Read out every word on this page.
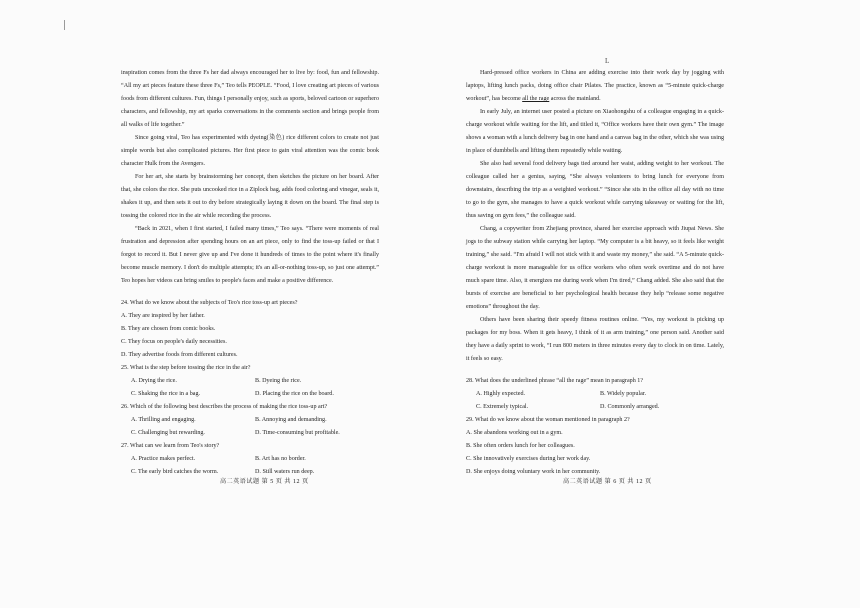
L

inspiration comes from the three Fs her dad always encouraged her to live by: food, fun and fellowship. “All my art pieces feature these three Fs,” Teo tells PEOPLE. “Food, I love creating art pieces of various foods from different cultures. Fun, things I personally enjoy, such as sports, beloved cartoon or superhero characters, and fellowship, my art sparks conversations in the comments section and brings people from all walks of life together.”

Since going viral, Teo has experimented with dyeing(染色) rice different colors to create not just simple words but also complicated pictures. Her first piece to gain viral attention was the comic book character Hulk from the Avengers.

For her art, she starts by brainstorming her concept, then sketches the picture on her board. After that, she colors the rice. She puts uncooked rice in a Ziplock bag, adds food coloring and vinegar, seals it, shakes it up, and then sets it out to dry before strategically laying it down on the board. The final step is tossing the colored rice in the air while recording the process.

“Back in 2021, when I first started, I failed many times,” Teo says. “There were moments of real frustration and depression after spending hours on an art piece, only to find the toss-up failed or that I forgot to record it. But I never give up and I've done it hundreds of times to the point where it's finally become muscle memory. I don't do multiple attempts; it's an all-or-nothing toss-up, so just one attempt.” Teo hopes her videos can bring smiles to people's faces and make a positive difference.

24. What do we know about the subjects of Teo's rice toss-up art pieces?

A. They are inspired by her father.

B. They are chosen from comic books.

C. They focus on people's daily necessities.

D. They advertise foods from different cultures.

25. What is the step before tossing the rice in the air?

A. Drying the rice.	B. Dyeing the rice.
C. Shaking the rice in a bag.	D. Placing the rice on the board.

26. Which of the following best describes the process of making the rice toss-up art?

A. Thrilling and engaging.	B. Annoying and demanding.
C. Challenging but rewarding.	D. Time-consuming but profitable.

27. What can we learn from Teo's story?

A. Practice makes perfect.	B. Art has no border.
C. The early bird catches the worm.	D. Still waters run deep.
高二英语试题 第 5 页 共 12 页

Hard-pressed office workers in China are adding exercise into their work day by jogging with laptops, lifting lunch packs, doing office chair Pilates. The practice, known as “5-minute quick-charge workout”, has become all the rage across the mainland.

In early July, an internet user posted a picture on Xiaohongshu of a colleague engaging in a quick-charge workout while waiting for the lift, and titled it, “Office workers have their own gym.” The image shows a woman with a lunch delivery bag in one hand and a canvas bag in the other, which she was using in place of dumbbells and lifting them repeatedly while waiting.

She also had several food delivery bags tied around her waist, adding weight to her workout. The colleague called her a genius, saying, “She always volunteers to bring lunch for everyone from downstairs, describing the trip as a weighted workout.” “Since she sits in the office all day with no time to go to the gym, she manages to have a quick workout while carrying takeaway or waiting for the lift, thus saving on gym fees,” the colleague said.

Chang, a copywriter from Zhejiang province, shared her exercise approach with Jiupai News. She jogs to the subway station while carrying her laptop. “My computer is a bit heavy, so it feels like weight training,” she said. “I'm afraid I will not stick with it and waste my money,” she said. “A 5-minute quick-charge workout is more manageable for us office workers who often work overtime and do not have much spare time. Also, it energizes me during work when I'm tired,” Chang added. She also said that the bursts of exercise are beneficial to her psychological health because they help “release some negative emotions” throughout the day.

Others have been sharing their speedy fitness routines online. “Yes, my workout is picking up packages for my boss. When it gets heavy, I think of it as arm training,” one person said. Another said they have a daily sprint to work, “I run 800 meters in three minutes every day to clock in on time. Lately, it feels so easy.

28. What does the underlined phrase “all the rage” mean in paragraph 1?

A. Highly expected.	B. Widely popular.
C. Extremely typical.	D. Commonly arranged.

29. What do we know about the woman mentioned in paragraph 2?

A. She abandons working out in a gym.

B. She often orders lunch for her colleagues.

C. She innovatively exercises during her work day.

D. She enjoys doing voluntary work in her community.

高二英语试题 第 6 页 共 12 页
